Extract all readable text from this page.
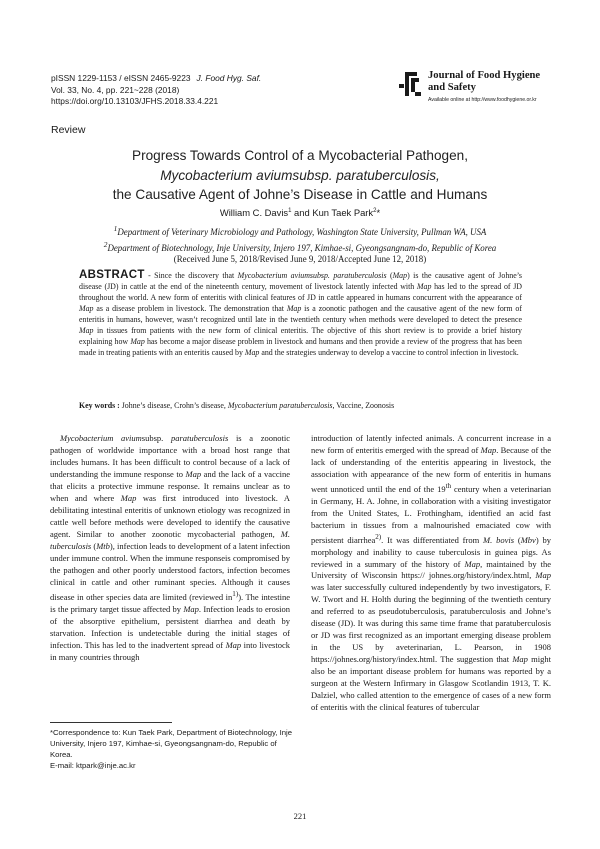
pISSN 1229-1153 / eISSN 2465-9223 J. Food Hyg. Saf.
Vol. 33, No. 4, pp. 221~228 (2018)
https://doi.org/10.13103/JFHS.2018.33.4.221
Journal of Food Hygiene
and Safety
Available online at http://www.foodhygiene.or.kr
Review
Progress Towards Control of a Mycobacterial Pathogen,
Mycobacterium aviumsubsp. paratuberculosis,
the Causative Agent of Johne’s Disease in Cattle and Humans
William C. Davis$^1$ and Kun Taek Park$^2$*
$^1$Department of Veterinary Microbiology and Pathology, Washington State University, Pullman WA, USA
$^2$Department of Biotechnology, Inje University, Injero 197, Kimhae-si, Gyeongsangnam-do, Republic of Korea
(Received June 5, 2018/Revised June 9, 2018/Accepted June 12, 2018)
ABSTRACT - Since the discovery that Mycobacterium aviumsubsp. paratuberculosis (Map) is the causative agent of Johne’s disease (JD) in cattle at the end of the nineteenth century, movement of livestock latently infected with Map has led to the spread of JD throughout the world. A new form of enteritis with clinical features of JD in cattle appeared in humans concurrent with the appearance of Map as a disease problem in livestock. The demonstration that Map is a zoonotic pathogen and the causative agent of the new form of enteritis in humans, however, wasn’t recognized until late in the twentieth century when methods were developed to detect the presence Map in tissues from patients with the new form of clinical enteritis. The objective of this short review is to provide a brief history explaining how Map has become a major disease problem in livestock and humans and then provide a review of the progress that has been made in treating patients with an enteritis caused by Map and the strategies underway to develop a vaccine to control infection in livestock.
Key words : Johne’s disease, Crohn’s disease, Mycobacterium paratuberculosis, Vaccine, Zoonosis

Mycobacterium aviumsubsp. paratuberculosis is a zoonotic pathogen of worldwide importance with a broad host range that includes humans. It has been difficult to control because of a lack of understanding the immune response to Map and the lack of a vaccine that elicits a protective immune response. It remains unclear as to when and where Map was first introduced into livestock. A debilitating intestinal enteritis of unknown etiology was recognized in cattle well before methods were developed to identify the causative agent. Similar to another zoonotic mycobacterial pathogen, M. tuberculosis (Mtb), infection leads to development of a latent infection under immune control. When the immune responseis compromised by the pathogen and other poorly understood factors, infection becomes clinical in cattle and other ruminant species. Although it causes disease in other species data are limited (reviewed $in^{1)}$). The intestine is the primary target tissue affected by Map. Infection leads to erosion of the absorptive epithelium, persistent diarrhea and death by starvation. Infection is undetectable during the initial stages of infection. This has led to the inadvertent spread of Map into livestock in many countries through

introduction of latently infected animals. A concurrent increase in a new form of enteritis emerged with the spread of Map. Because of the lack of understanding of the enteritis appearing in livestock, the association with appearance of the new form of enteritis in humans went unnoticed until the end of the 19th century when a veterinarian in Germany, H. A. Johne, in collaboration with a visiting investigator from the United States, L. Frothingham, identified an acid fast bacterium in tissues from a malnourished emaciated cow with persistent diarrhea$^{2)}$. It was differentiated from M. bovis (Mbv) by morphology and inability to cause tuberculosis in guinea pigs. As reviewed in a summary of the history of Map, maintained by the University of Wisconsin https:// johnes.org/history/index.html, Map was later successfully cultured independently by two investigators, F. W. Twort and H. Holth during the beginning of the twentieth century and referred to as pseudotuberculosis, paratuberculosis and Johne’s disease (JD). It was during this same time frame that paratuberculosis or JD was first recognized as an important emerging disease problem in the US by aveterinarian, L. Pearson, in 1908 https://johnes.org/history/index.html. The suggestion that Map might also be an important disease problem for humans was reported by a surgeon at the Western Infirmary in Glasgow Scotlandin 1913, T. K. Dalziel, who called attention to the emergence of cases of a new form of enteritis with the clinical features of tubercular

*Correspondence to: Kun Taek Park, Department of Biotechnology, Inje University, Injero 197, Kimhae-si, Gyeongsangnam-do, Republic of Korea.
E-mail: ktpark@inje.ac.kr
221
